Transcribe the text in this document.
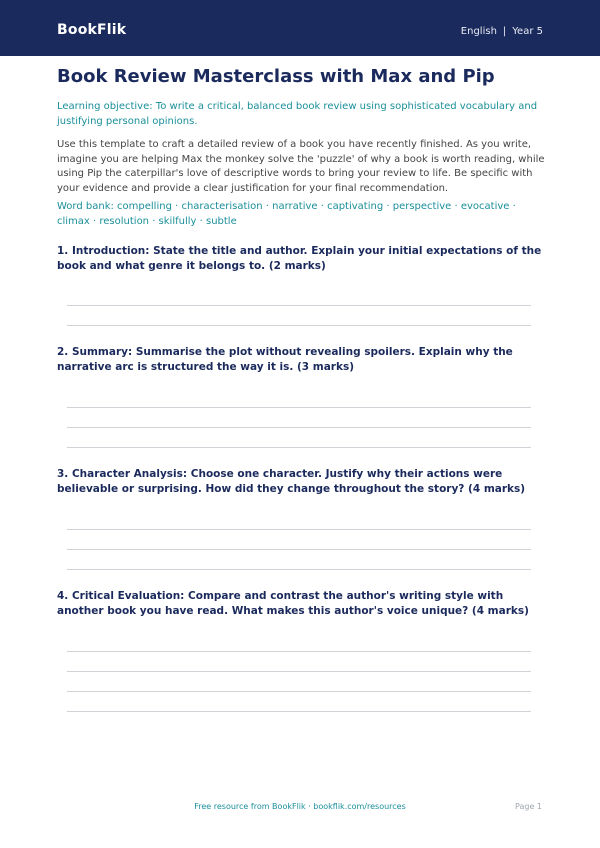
BookFlik	English | Year 5
Book Review Masterclass with Max and Pip
Learning objective: To write a critical, balanced book review using sophisticated vocabulary and justifying personal opinions.
Use this template to craft a detailed review of a book you have recently finished. As you write, imagine you are helping Max the monkey solve the 'puzzle' of why a book is worth reading, while using Pip the caterpillar's love of descriptive words to bring your review to life. Be specific with your evidence and provide a clear justification for your final recommendation.
Word bank: compelling · characterisation · narrative · captivating · perspective · evocative · climax · resolution · skilfully · subtle
1. Introduction: State the title and author. Explain your initial expectations of the book and what genre it belongs to. (2 marks)
2. Summary: Summarise the plot without revealing spoilers. Explain why the narrative arc is structured the way it is. (3 marks)
3. Character Analysis: Choose one character. Justify why their actions were believable or surprising. How did they change throughout the story? (4 marks)
4. Critical Evaluation: Compare and contrast the author's writing style with another book you have read. What makes this author's voice unique? (4 marks)
Free resource from BookFlik · bookflik.com/resources	Page 1
